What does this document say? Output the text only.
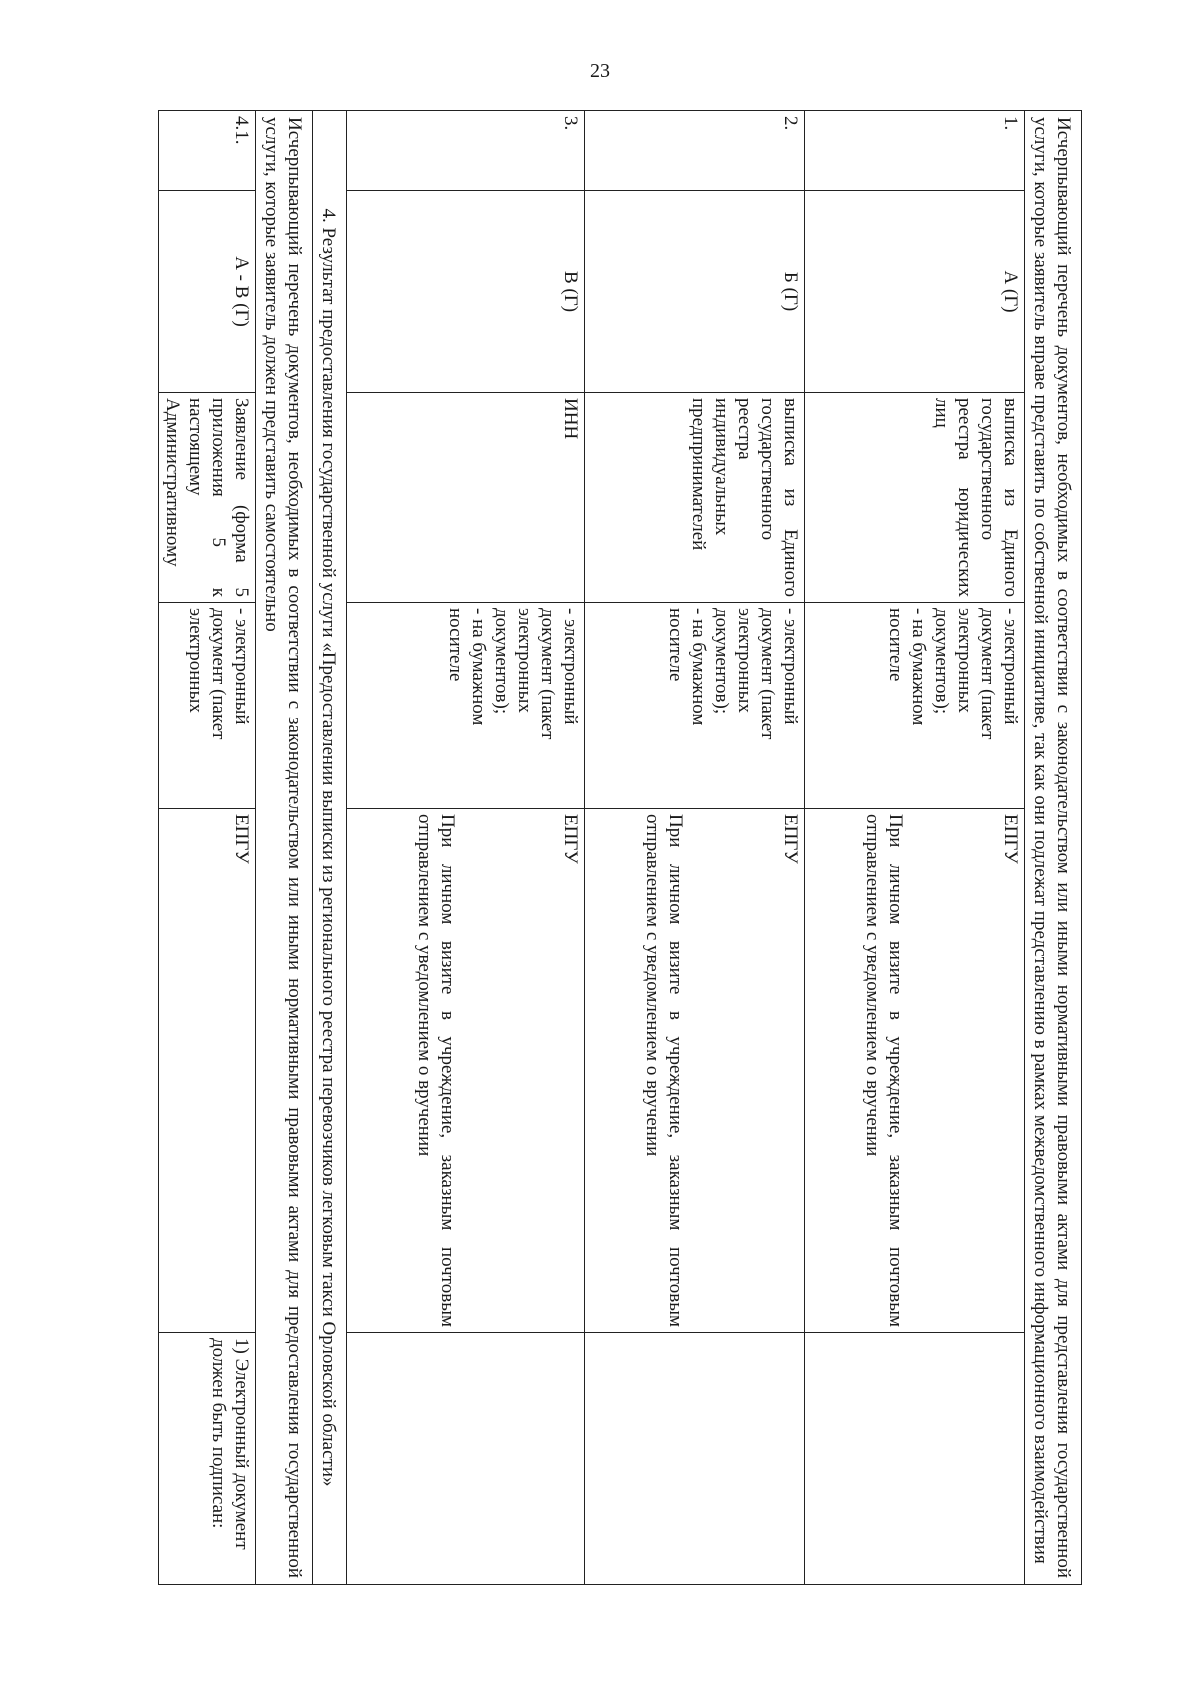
23
Исчерпывающий перечень документов, необходимых в соответствии с законодательством или иными нормативными правовыми актами для представления государственной услуги, которые заявитель вправе представить по собственной инициативе, так как они подлежат представлению в рамках межведомственного информационного взаимодействия					
1.	А (Г)	выписка из Единого государственного реестра юридических лиц	- электронный документ (пакет электронных документов);
- на бумажном носителе	ЕПГУ
При личном визите в учреждение, заказным почтовым отправлением с уведомлением о вручении	

2.	Б (Г)	выписка из Единого государственного реестра индивидуальных предпринимателей	- электронный документ (пакет электронных документов);
- на бумажном носителе	ЕПГУ
При личном визите в учреждение, заказным почтовым отправлением с уведомлением о вручении	

3.	В (Г)	ИНН	- электронный документ (пакет электронных документов);
- на бумажном носителе	ЕПГУ
При личном визите в учреждение, заказным почтовым отправлением с уведомлением о вручении	

4. Результат предоставления государственной услуги «Предоставлении выписки из регионального реестра перевозчиков легковым такси Орловской области»					
Исчерпывающий перечень документов, необходимых в соответствии с законодательством или иными нормативными правовыми актами для предоставления государственной услуги, которые заявитель должен представить самостоятельно					
4.1.	А - В (Г)	Заявление (форма 5 приложения 5 к настоящему Административному	- электронный документ (пакет электронных	ЕПГУ	1) Электронный документ должен быть подписан:
